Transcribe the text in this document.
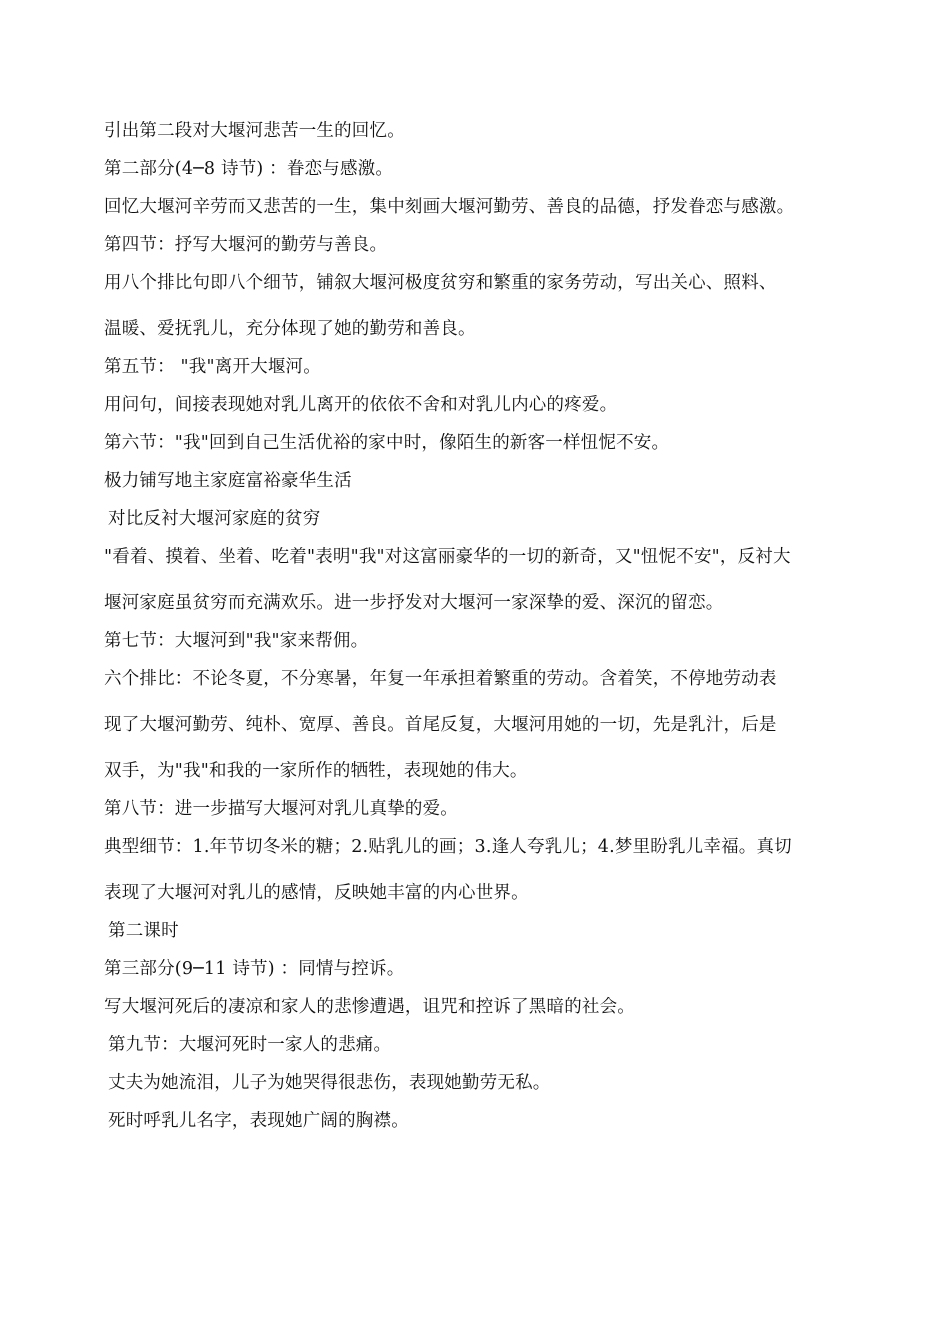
引出第二段对大堰河悲苦一生的回忆。
第二部分(4─8 诗节) ：眷恋与感激。
回忆大堰河辛劳而又悲苦的一生，集中刻画大堰河勤劳、善良的品德，抒发眷恋与感激。
第四节：抒写大堰河的勤劳与善良。
用八个排比句即八个细节，铺叙大堰河极度贫穷和繁重的家务劳动，写出关心、照料、
温暖、爱抚乳儿，充分体现了她的勤劳和善良。
第五节： "我"离开大堰河。
用问句，间接表现她对乳儿离开的依依不舍和对乳儿内心的疼爱。
第六节："我"回到自己生活优裕的家中时，像陌生的新客一样忸怩不安。
极力铺写地主家庭富裕豪华生活
对比反衬大堰河家庭的贫穷
"看着、摸着、坐着、吃着"表明"我"对这富丽豪华的一切的新奇，又"忸怩不安"，反衬大
堰河家庭虽贫穷而充满欢乐。进一步抒发对大堰河一家深挚的爱、深沉的留恋。
第七节：大堰河到"我"家来帮佣。
六个排比：不论冬夏，不分寒暑，年复一年承担着繁重的劳动。含着笑，不停地劳动表
现了大堰河勤劳、纯朴、宽厚、善良。首尾反复，大堰河用她的一切，先是乳汁，后是
双手，为"我"和我的一家所作的牺牲，表现她的伟大。
第八节：进一步描写大堰河对乳儿真挚的爱。
典型细节：1.年节切冬米的糖；2.贴乳儿的画；3.逢人夸乳儿；4.梦里盼乳儿幸福。真切
表现了大堰河对乳儿的感情，反映她丰富的内心世界。
第二课时
第三部分(9─11 诗节) ：同情与控诉。
写大堰河死后的凄凉和家人的悲惨遭遇，诅咒和控诉了黑暗的社会。
第九节：大堰河死时一家人的悲痛。
丈夫为她流泪，儿子为她哭得很悲伤，表现她勤劳无私。
死时呼乳儿名字，表现她广阔的胸襟。
